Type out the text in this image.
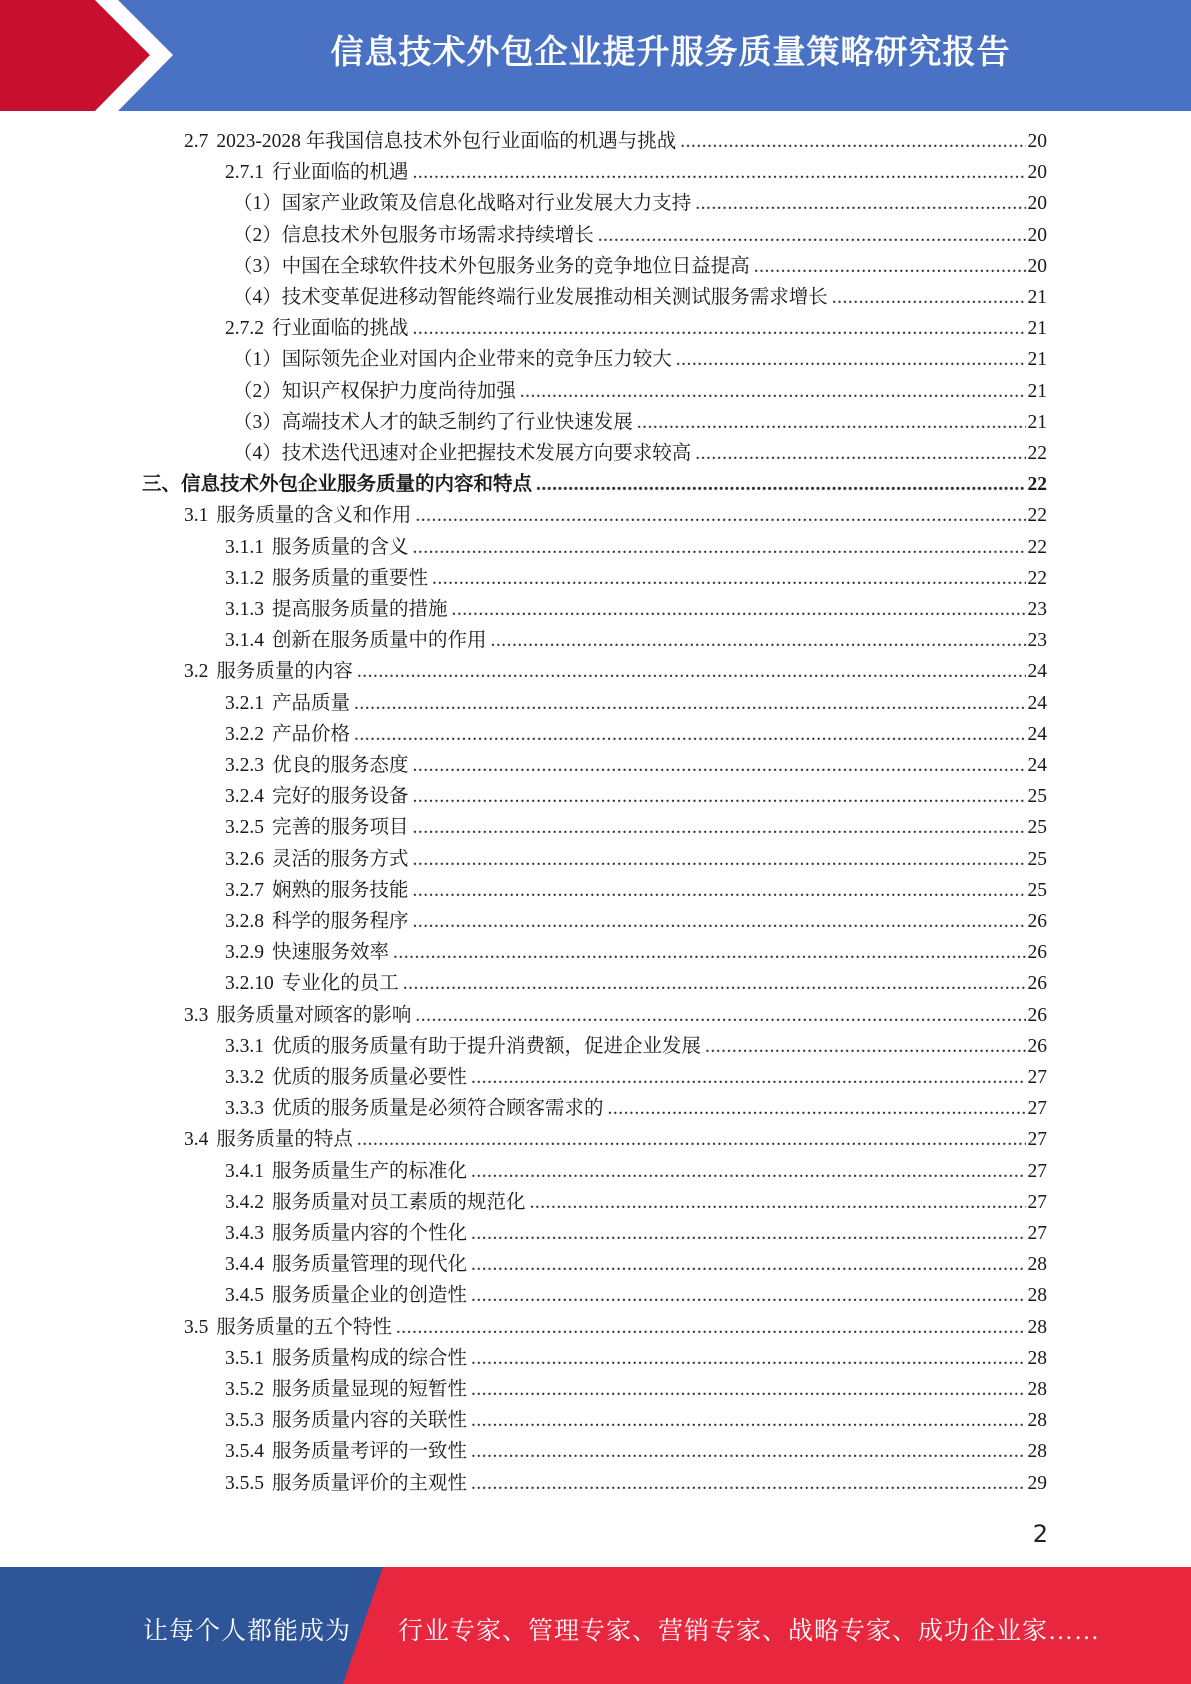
信息技术外包企业提升服务质量策略研究报告
2.7 2023-2028 年我国信息技术外包行业面临的机遇与挑战 .....	20
2.7.1 行业面临的机遇 .....	20
（1）国家产业政策及信息化战略对行业发展大力支持 .....	20
（2）信息技术外包服务市场需求持续增长 .....	20
（3）中国在全球软件技术外包服务业务的竞争地位日益提高 .....	20
（4）技术变革促进移动智能终端行业发展推动相关测试服务需求增长 .....	21
2.7.2 行业面临的挑战 .....	21
（1）国际领先企业对国内企业带来的竞争压力较大 .....	21
（2）知识产权保护力度尚待加强 .....	21
（3）高端技术人才的缺乏制约了行业快速发展 .....	21
（4）技术迭代迅速对企业把握技术发展方向要求较高 .....	22
三、信息技术外包企业服务质量的内容和特点 .....	22
3.1 服务质量的含义和作用 .....	22
3.1.1 服务质量的含义 .....	22
3.1.2 服务质量的重要性 .....	22
3.1.3 提高服务质量的措施 .....	23
3.1.4 创新在服务质量中的作用 .....	23
3.2 服务质量的内容 .....	24
3.2.1 产品质量 .....	24
3.2.2 产品价格 .....	24
3.2.3 优良的服务态度 .....	24
3.2.4 完好的服务设备 .....	25
3.2.5 完善的服务项目 .....	25
3.2.6 灵活的服务方式 .....	25
3.2.7 娴熟的服务技能 .....	25
3.2.8 科学的服务程序 .....	26
3.2.9 快速服务效率 .....	26
3.2.10 专业化的员工 .....	26
3.3 服务质量对顾客的影响 .....	26
3.3.1 优质的服务质量有助于提升消费额，促进企业发展 .....	26
3.3.2 优质的服务质量必要性 .....	27
3.3.3 优质的服务质量是必须符合顾客需求的 .....	27
3.4 服务质量的特点 .....	27
3.4.1 服务质量生产的标准化 .....	27
3.4.2 服务质量对员工素质的规范化 .....	27
3.4.3 服务质量内容的个性化 .....	27
3.4.4 服务质量管理的现代化 .....	28
3.4.5 服务质量企业的创造性 .....	28
3.5 服务质量的五个特性 .....	28
3.5.1 服务质量构成的综合性 .....	28
3.5.2 服务质量显现的短暂性 .....	28
3.5.3 服务质量内容的关联性 .....	28
3.5.4 服务质量考评的一致性 .....	28
3.5.5 服务质量评价的主观性 .....	29
2
让每个人都能成为 行业专家、管理专家、营销专家、战略专家、成功企业家……
